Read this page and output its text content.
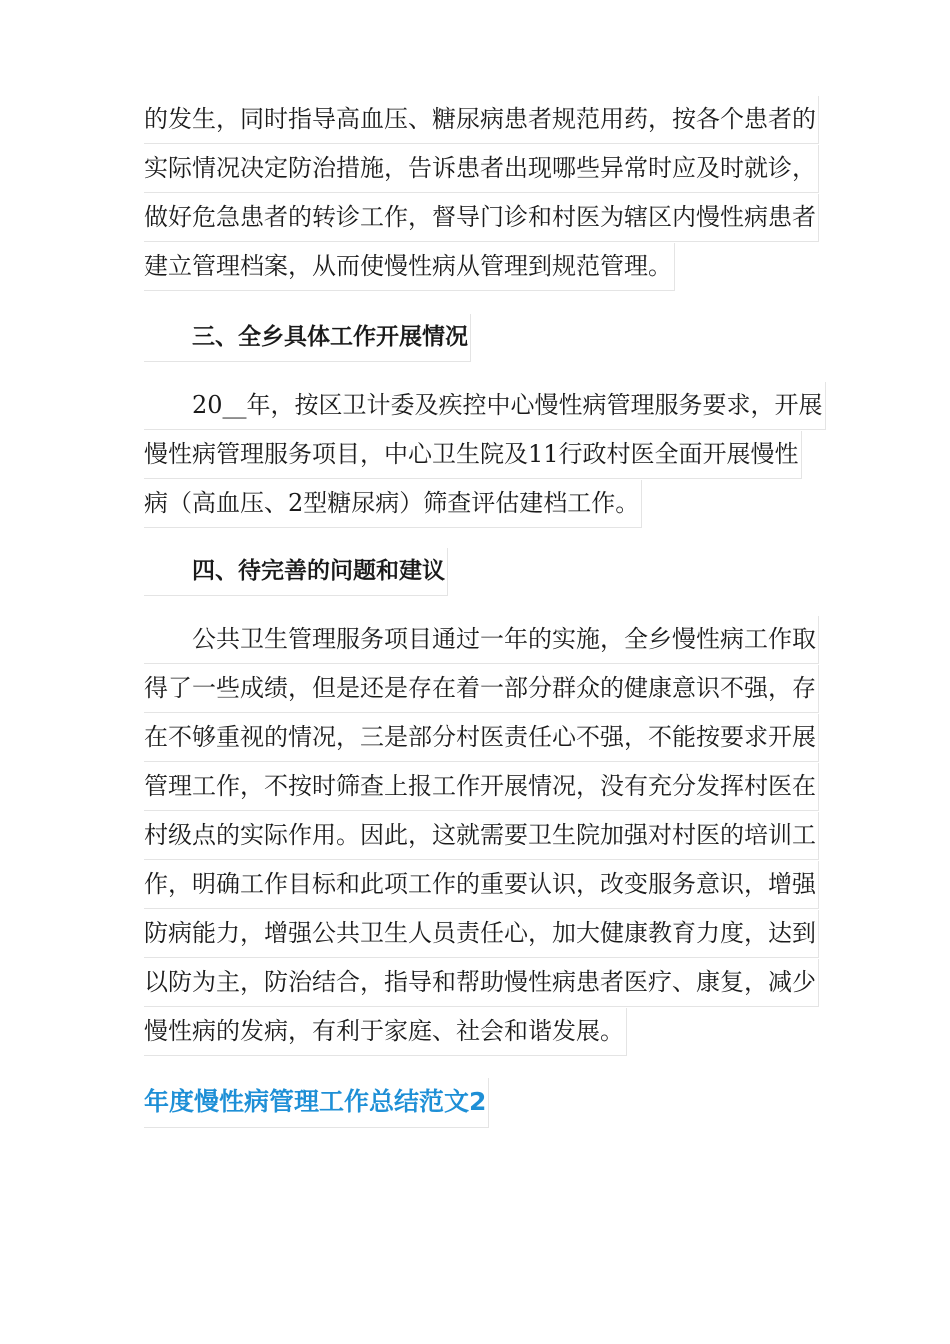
的发生，同时指导高血压、糖尿病患者规范用药，按各个患者的
实际情况决定防治措施，告诉患者出现哪些异常时应及时就诊，
做好危急患者的转诊工作，督导门诊和村医为辖区内慢性病患者
建立管理档案，从而使慢性病从管理到规范管理。
三、全乡具体工作开展情况
20__年，按区卫计委及疾控中心慢性病管理服务要求，开展
慢性病管理服务项目，中心卫生院及11行政村医全面开展慢性
病（高血压、2型糖尿病）筛查评估建档工作。
四、待完善的问题和建议
公共卫生管理服务项目通过一年的实施，全乡慢性病工作取
得了一些成绩，但是还是存在着一部分群众的健康意识不强，存
在不够重视的情况，三是部分村医责任心不强，不能按要求开展
管理工作，不按时筛查上报工作开展情况，没有充分发挥村医在
村级点的实际作用。因此，这就需要卫生院加强对村医的培训工
作，明确工作目标和此项工作的重要认识，改变服务意识，增强
防病能力，增强公共卫生人员责任心，加大健康教育力度，达到
以防为主，防治结合，指导和帮助慢性病患者医疗、康复，减少
慢性病的发病，有利于家庭、社会和谐发展。
年度慢性病管理工作总结范文2
